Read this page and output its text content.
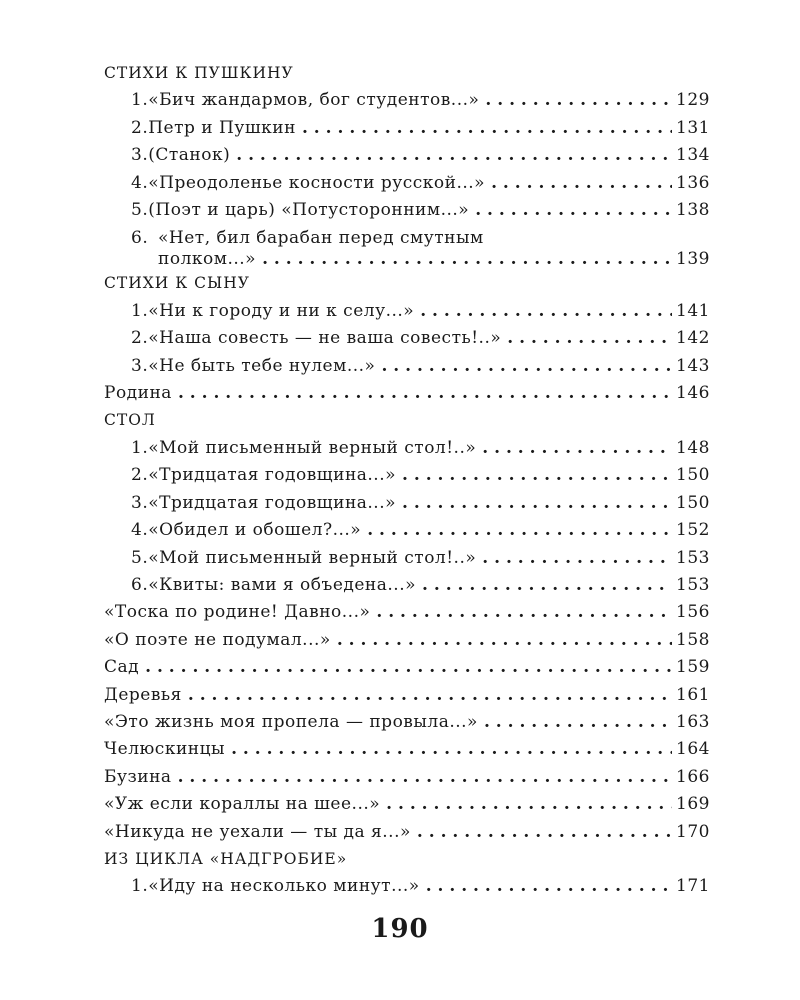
СТИХИ К ПУШКИНУ
1. «Бич жандармов, бог студентов...» . . .	129
2. Петр и Пушкин . . .	131
3. (Станок) . . .	134
4. «Преодоленье косности русской...» . . .	136
5. (Поэт и царь) «Потусторонним...» . . .	138
6. «Нет, бил барабан перед смутным
полком...» . . .	139
СТИХИ К СЫНУ
1. «Ни к городу и ни к селу...» . . .	141
2. «Наша совесть — не ваша совесть!..» . . .	142
3. «Не быть тебе нулем...» . . .	143
Родина . . .	146
СТОЛ
1. «Мой письменный верный стол!..» . . .	148
2. «Тридцатая годовщина...» . . .	150
3. «Тридцатая годовщина...» . . .	150
4. «Обидел и обошел?...» . . .	152
5. «Мой письменный верный стол!..» . . .	153
6. «Квиты: вами я объедена...» . . .	153
«Тоска по родине! Давно...» . . .	156
«О поэте не подумал...» . . .	158
Сад . . .	159
Деревья . . .	161
«Это жизнь моя пропела — провыла...» . . .	163
Челюскинцы . . .	164
Бузина . . .	166
«Уж если кораллы на шее...» . . .	169
«Никуда не уехали — ты да я...» . . .	170
ИЗ ЦИКЛА «НАДГРОБИЕ»
1. «Иду на несколько минут...» . . .	171
190
